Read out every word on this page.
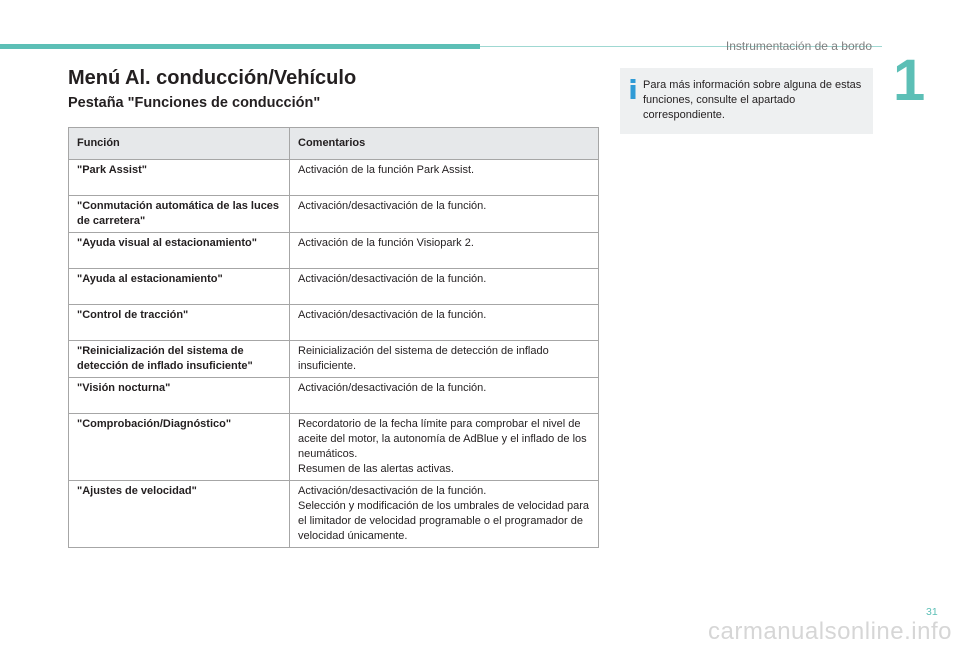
Instrumentación de a bordo
1
Menú Al. conducción/Vehículo
Pestaña "Funciones de conducción"
Función	Comentarios
"Park Assist"	Activación de la función Park Assist.
"Conmutación automática de las luces de carretera"	Activación/desactivación de la función.
"Ayuda visual al estacionamiento"	Activación de la función Visiopark 2.
"Ayuda al estacionamiento"	Activación/desactivación de la función.
"Control de tracción"	Activación/desactivación de la función.
"Reinicialización del sistema de detección de inflado insuficiente"	Reinicialización del sistema de detección de inflado insuficiente.
"Visión nocturna"	Activación/desactivación de la función.
"Comprobación/Diagnóstico"	Recordatorio de la fecha límite para comprobar el nivel de aceite del motor, la autonomía de AdBlue y el inflado de los neumáticos.
Resumen de las alertas activas.
"Ajustes de velocidad"	Activación/desactivación de la función.
Selección y modificación de los umbrales de velocidad para el limitador de velocidad programable o el programador de velocidad únicamente.
Para más información sobre alguna de estas funciones, consulte el apartado correspondiente.
31
carmanualsonline.info
